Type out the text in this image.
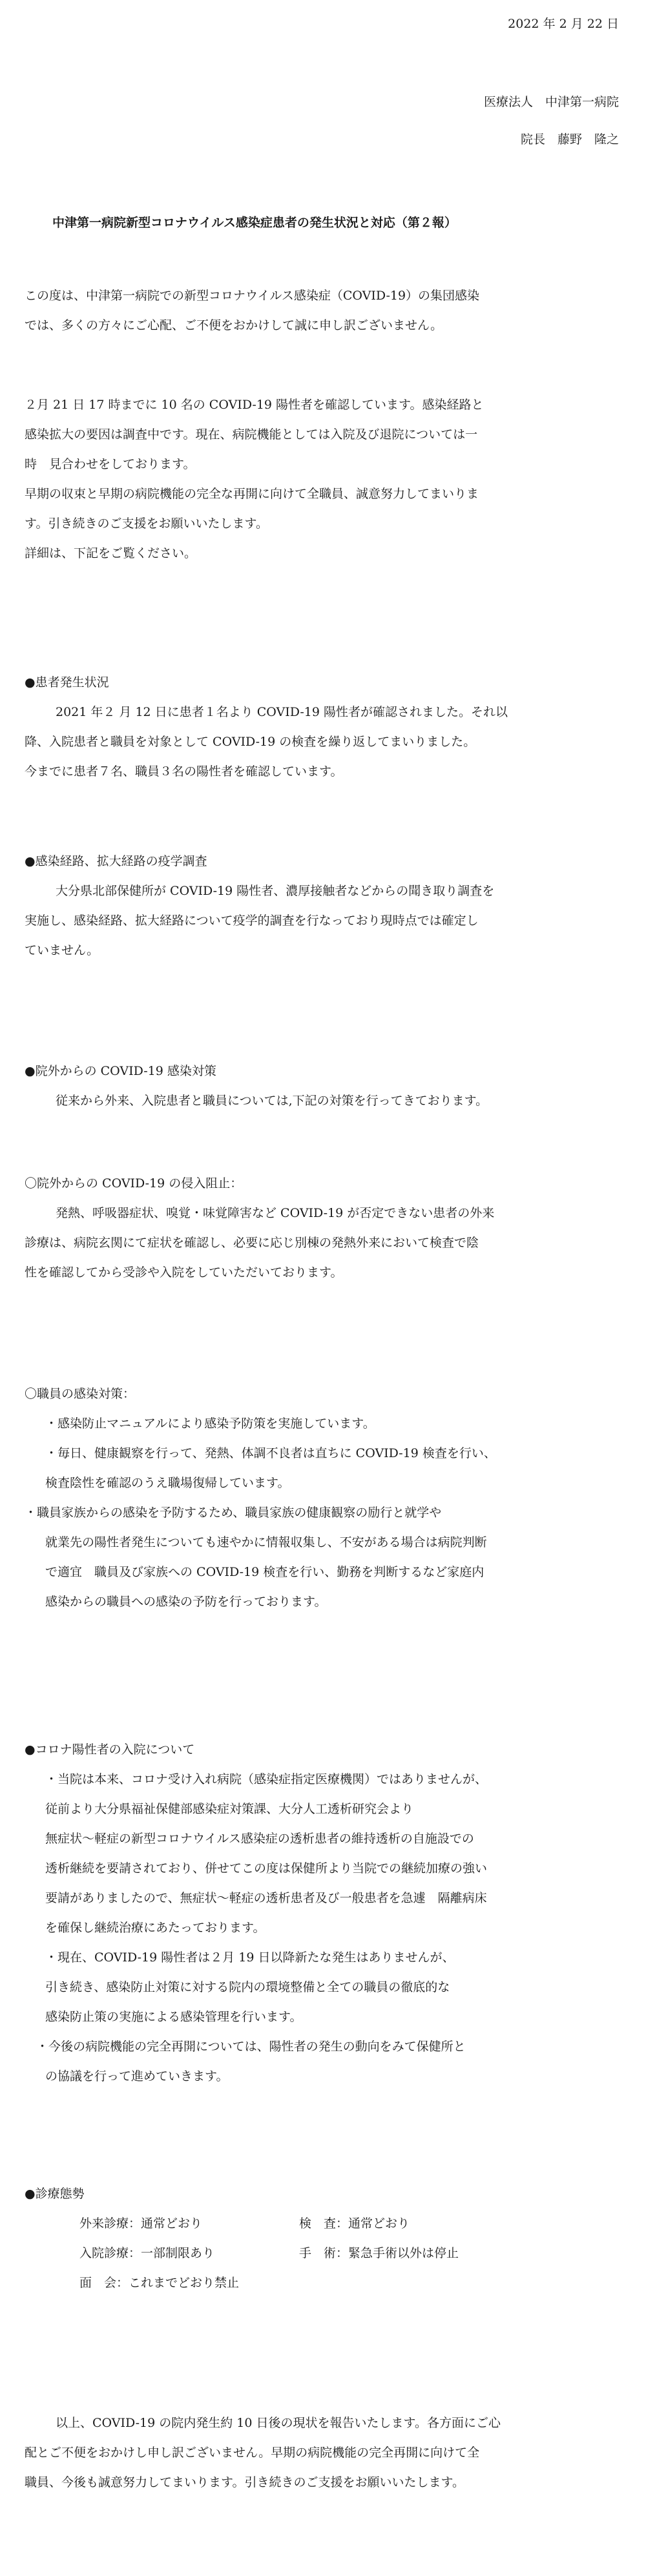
2022 年 2 月 22 日
医療法人　中津第一病院
院長　藤野　隆之
中津第一病院新型コロナウイルス感染症患者の発生状況と対応（第２報）
この度は、中津第一病院での新型コロナウイルス感染症（COVID-19）の集団感染
では、多くの方々にご心配、ご不便をおかけして誠に申し訳ございません。
２月 21 日 17 時までに 10 名の COVID-19 陽性者を確認しています。感染経路と
感染拡大の要因は調査中です。現在、病院機能としては入院及び退院については一
時　見合わせをしております。
早期の収束と早期の病院機能の完全な再開に向けて全職員、誠意努力してまいりま
す。引き続きのご支援をお願いいたします。
詳細は、下記をご覧ください。
●患者発生状況
2021 年２ 月 12 日に患者１名より COVID-19 陽性者が確認されました。それ以
降、入院患者と職員を対象として COVID-19 の検査を繰り返してまいりました。
今までに患者７名、職員３名の陽性者を確認しています。
●感染経路、拡大経路の疫学調査
大分県北部保健所が COVID-19 陽性者、濃厚接触者などからの聞き取り調査を
実施し、感染経路、拡大経路について疫学的調査を行なっており現時点では確定し
ていません。
●院外からの COVID-19 感染対策
従来から外来、入院患者と職員については,下記の対策を行ってきております。
〇院外からの COVID-19 の侵入阻止：
発熱、呼吸器症状、嗅覚・味覚障害など COVID-19 が否定できない患者の外来
診療は、病院玄関にて症状を確認し、必要に応じ別棟の発熱外来において検査で陰
性を確認してから受診や入院をしていただいております。
〇職員の感染対策：
・感染防止マニュアルにより感染予防策を実施しています。
・毎日、健康観察を行って、発熱、体調不良者は直ちに COVID-19 検査を行い、
検査陰性を確認のうえ職場復帰しています。
・職員家族からの感染を予防するため、職員家族の健康観察の励行と就学や
就業先の陽性者発生についても速やかに情報収集し、不安がある場合は病院判断
で適宜　職員及び家族への COVID-19 検査を行い、勤務を判断するなど家庭内
感染からの職員への感染の予防を行っております。
●コロナ陽性者の入院について
・当院は本来、コロナ受け入れ病院（感染症指定医療機関）ではありませんが、
従前より大分県福祉保健部感染症対策課、大分人工透析研究会より
無症状～軽症の新型コロナウイルス感染症の透析患者の維持透析の自施設での
透析継続を要請されており、併せてこの度は保健所より当院での継続加療の強い
要請がありましたので、無症状～軽症の透析患者及び一般患者を急遽　隔離病床
を確保し継続治療にあたっております。
・現在、COVID-19 陽性者は２月 19 日以降新たな発生はありませんが、
引き続き、感染防止対策に対する院内の環境整備と全ての職員の徹底的な
感染防止策の実施による感染管理を行います。
・今後の病院機能の完全再開については、陽性者の発生の動向をみて保健所と
の協議を行って進めていきます。
●診療態勢
外来診療：通常どおり	検　査：通常どおり
入院診療：一部制限あり	手　術：緊急手術以外は停止
面　会：これまでどおり禁止
以上、COVID-19 の院内発生約 10 日後の現状を報告いたします。各方面にご心
配とご不便をおかけし申し訳ございません。早期の病院機能の完全再開に向けて全
職員、今後も誠意努力してまいります。引き続きのご支援をお願いいたします。
